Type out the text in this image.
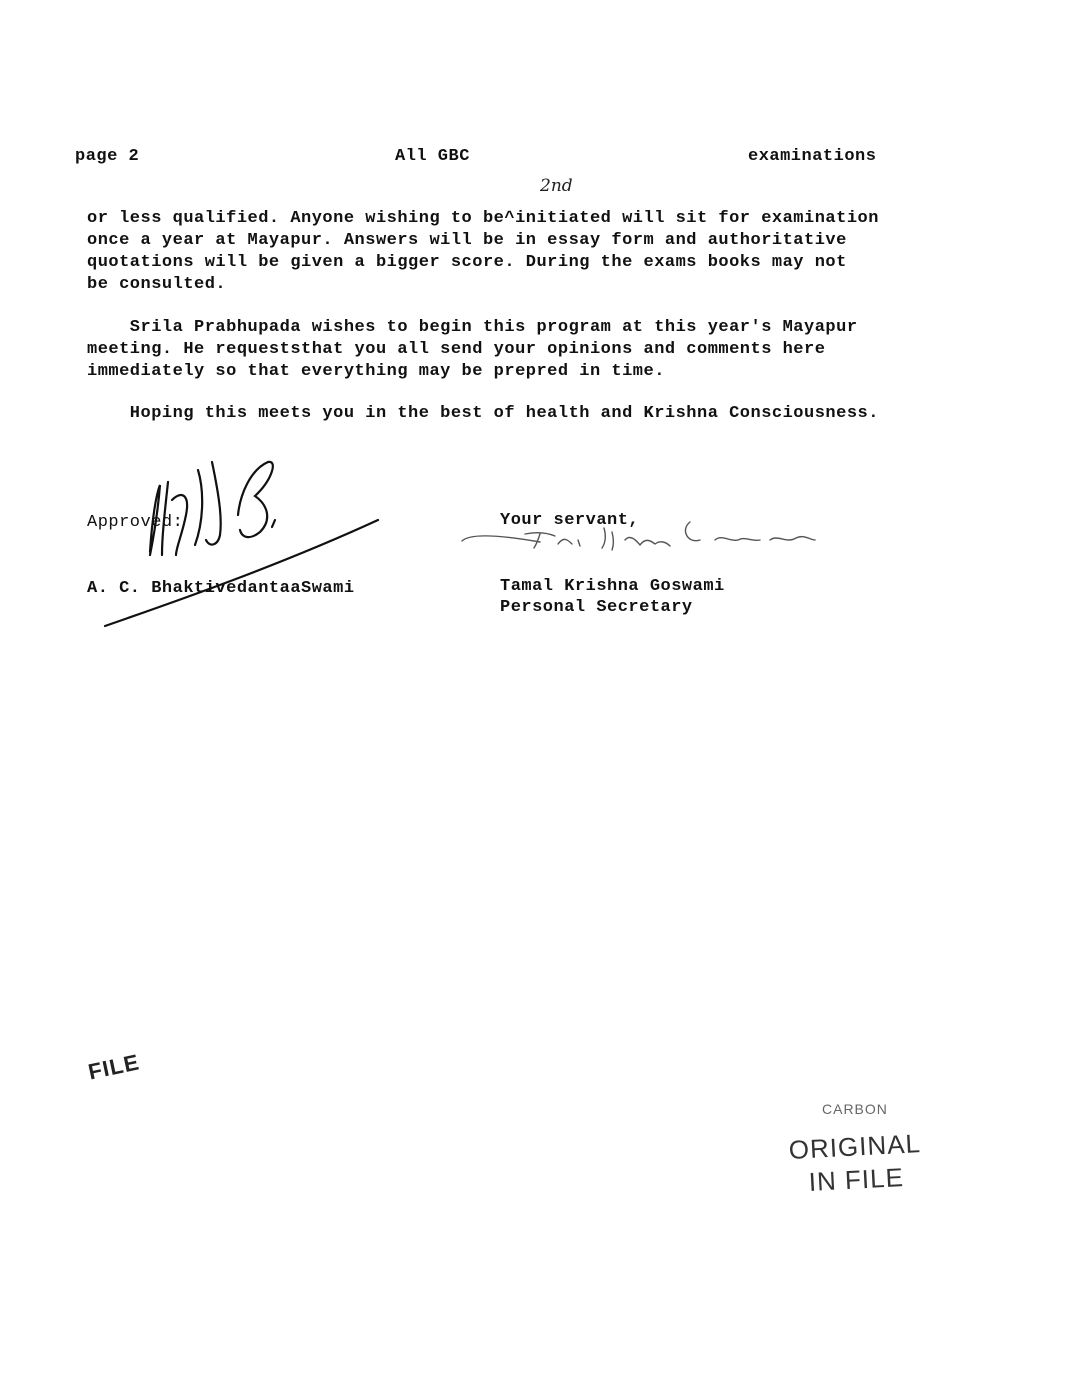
page 2	All GBC	examinations
2nd
or less qualified. Anyone wishing to be^initiated will sit for examination
once a year at Mayapur. Answers will be in essay form and authoritative
quotations will be given a bigger score. During the exams books may not
be consulted.
Srila Prabhupada wishes to begin this program at this year's Mayapur
meeting. He requeststhat you all send your opinions and comments here
immediately so that everything may be prepred in time.
Hoping this meets you in the best of health and Krishna Consciousness.
Approved:
A. C. BhaktivedantaaSwami
Your servant,
Tamal Krishna Goswami
Personal Secretary
FILE
CARBON
ORIGINAL
IN FILE
